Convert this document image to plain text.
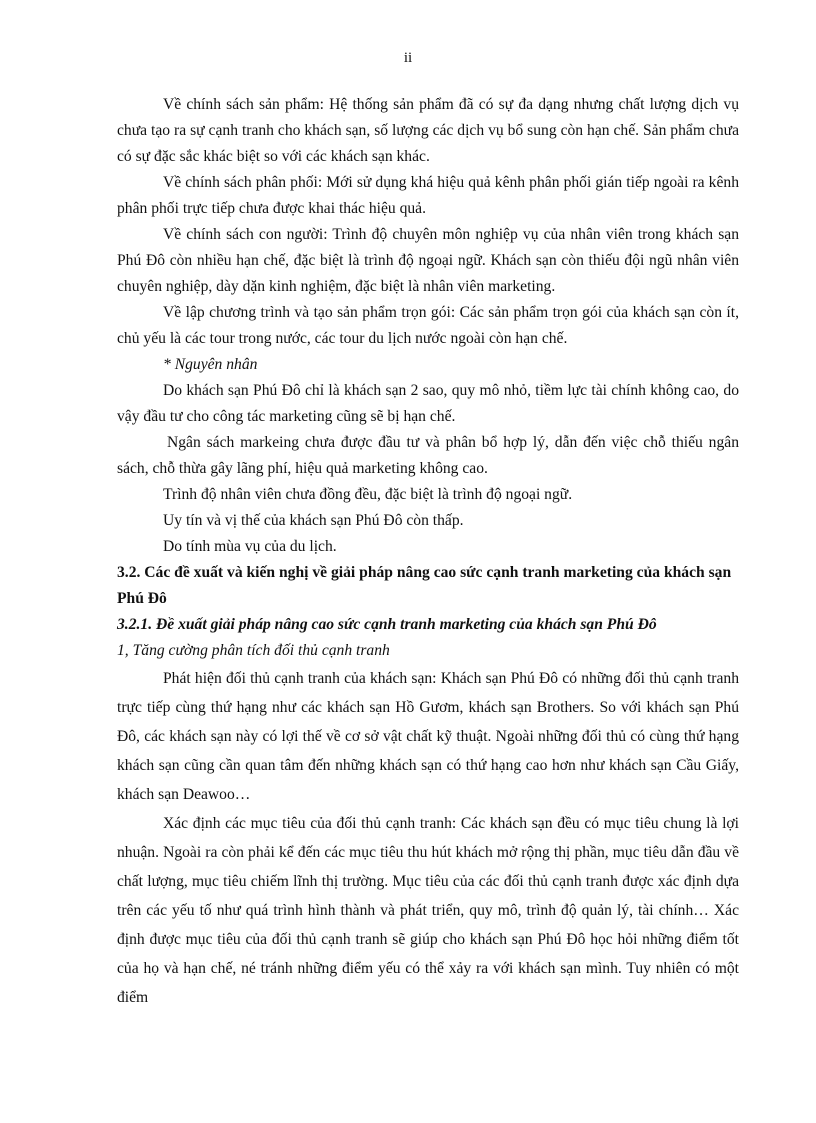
ii

Về chính sách sản phẩm: Hệ thống sản phẩm đã có sự đa dạng nhưng chất lượng dịch vụ chưa tạo ra sự cạnh tranh cho khách sạn, số lượng các dịch vụ bổ sung còn hạn chế. Sản phẩm chưa có sự đặc sắc khác biệt so với các khách sạn khác.

Về chính sách phân phối: Mới sử dụng khá hiệu quả kênh phân phối gián tiếp ngoài ra kênh phân phối trực tiếp chưa được khai thác hiệu quả.

Về chính sách con người: Trình độ chuyên môn nghiệp vụ của nhân viên trong khách sạn Phú Đô còn nhiều hạn chế, đặc biệt là trình độ ngoại ngữ. Khách sạn còn thiếu đội ngũ nhân viên chuyên nghiệp, dày dặn kinh nghiệm, đặc biệt là nhân viên marketing.

Về lập chương trình và tạo sản phẩm trọn gói: Các sản phẩm trọn gói của khách sạn còn ít, chủ yếu là các tour trong nước, các tour du lịch nước ngoài còn hạn chế.

* Nguyên nhân

Do khách sạn Phú Đô chỉ là khách sạn 2 sao, quy mô nhỏ, tiềm lực tài chính không cao, do vậy đầu tư cho công tác marketing cũng sẽ bị hạn chế.

Ngân sách markeing chưa được đầu tư và phân bổ hợp lý, dẫn đến việc chỗ thiếu ngân sách, chỗ thừa gây lãng phí, hiệu quả marketing không cao.

Trình độ nhân viên chưa đồng đều, đặc biệt là trình độ ngoại ngữ.

Uy tín và vị thế của khách sạn Phú Đô còn thấp.

Do tính mùa vụ của du lịch.

3.2. Các đề xuất và kiến nghị về giải pháp nâng cao sức cạnh tranh marketing của khách sạn Phú Đô

3.2.1. Đề xuất giải pháp nâng cao sức cạnh tranh marketing của khách sạn Phú Đô

1, Tăng cường phân tích đối thủ cạnh tranh

Phát hiện đối thủ cạnh tranh của khách sạn: Khách sạn Phú Đô có những đối thủ cạnh tranh trực tiếp cùng thứ hạng như các khách sạn Hồ Gươm, khách sạn Brothers. So với khách sạn Phú Đô, các khách sạn này có lợi thế về cơ sở vật chất kỹ thuật. Ngoài những đối thủ có cùng thứ hạng khách sạn cũng cần quan tâm đến những khách sạn có thứ hạng cao hơn như khách sạn Cầu Giấy, khách sạn Deawoo…

Xác định các mục tiêu của đối thủ cạnh tranh: Các khách sạn đều có mục tiêu chung là lợi nhuận. Ngoài ra còn phải kể đến các mục tiêu thu hút khách mở rộng thị phần, mục tiêu dẫn đầu về chất lượng, mục tiêu chiếm lĩnh thị trường. Mục tiêu của các đối thủ cạnh tranh được xác định dựa trên các yếu tố như quá trình hình thành và phát triển, quy mô, trình độ quản lý, tài chính… Xác định được mục tiêu của đối thủ cạnh tranh sẽ giúp cho khách sạn Phú Đô học hỏi những điểm tốt của họ và hạn chế, né tránh những điểm yếu có thể xảy ra với khách sạn mình. Tuy nhiên có một điểm
